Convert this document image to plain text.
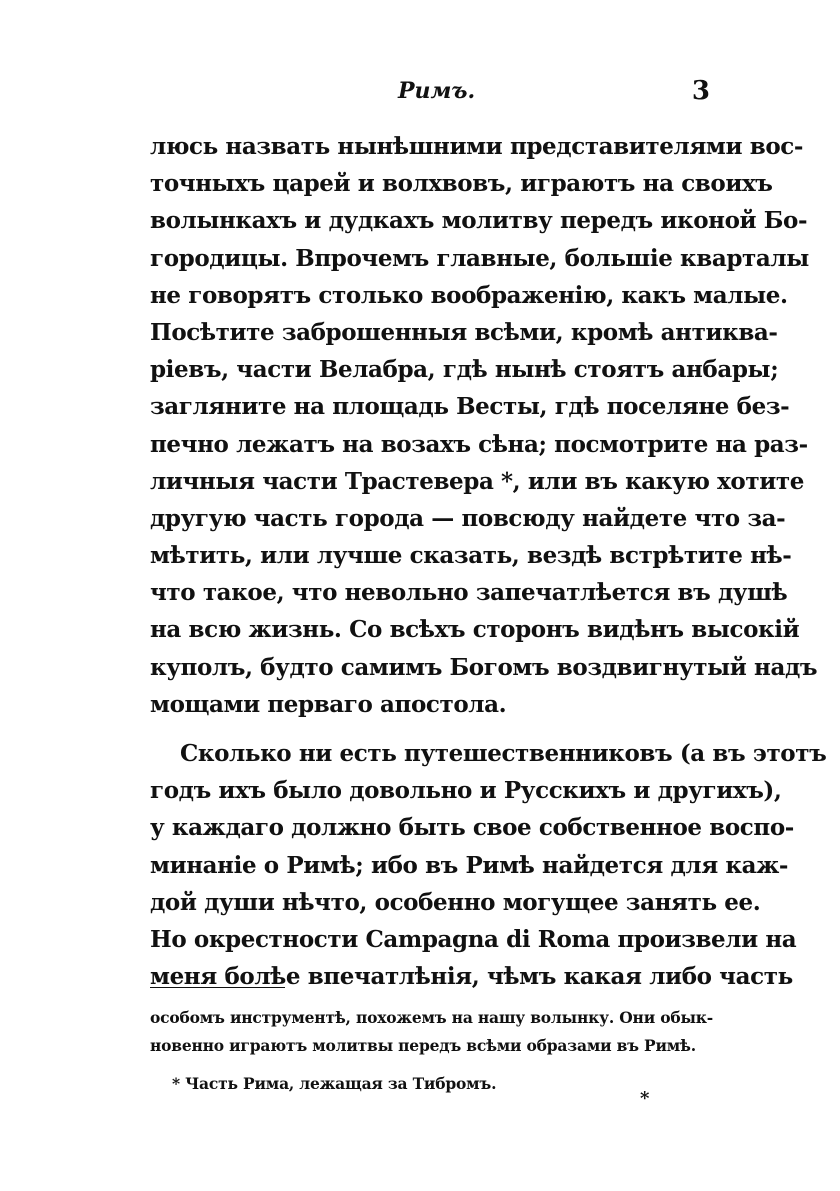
Римъ.	3
люсь назвать нынѣшними представителями вос-
точныхъ царей и волхвовъ, играютъ на своихъ
волынкахъ и дудкахъ молитву передъ иконой Бо-
городицы. Впрочемъ главные, большіе кварталы
не говорятъ столько воображенію, какъ малые.
Посѣтите заброшенныя всѣми, кромѣ антиква-
ріевъ, части Велабра, гдѣ нынѣ стоятъ анбары;
загляните на площадь Весты, гдѣ поселяне без-
печно лежатъ на возахъ сѣна; посмотрите на раз-
личныя части Трастевера *, или въ какую хотите
другую часть города — повсюду найдете что за-
мѣтить, или лучше сказать, вездѣ встрѣтите нѣ-
что такое, что невольно запечатлѣется въ душѣ
на всю жизнь. Со всѣхъ сторонъ видѣнъ высокій
куполъ, будто самимъ Богомъ воздвигнутый надъ
мощами перваго апостола.
Сколько ни есть путешественниковъ (а въ этотъ
годъ ихъ было довольно и Русскихъ и другихъ),
у каждаго должно быть свое собственное воспо-
минаніе о Римѣ; ибо въ Римѣ найдется для каж-
дой души нѣчто, особенно могущее занять ее.
Но окрестности Campagna di Roma произвели на
меня болѣе впечатлѣнія, чѣмъ какая либо часть
особомъ инструментѣ, похожемъ на нашу волынку. Они обык-
новенно играютъ молитвы передъ всѣми образами въ Римѣ.
* Часть Рима, лежащая за Тибромъ.
*
